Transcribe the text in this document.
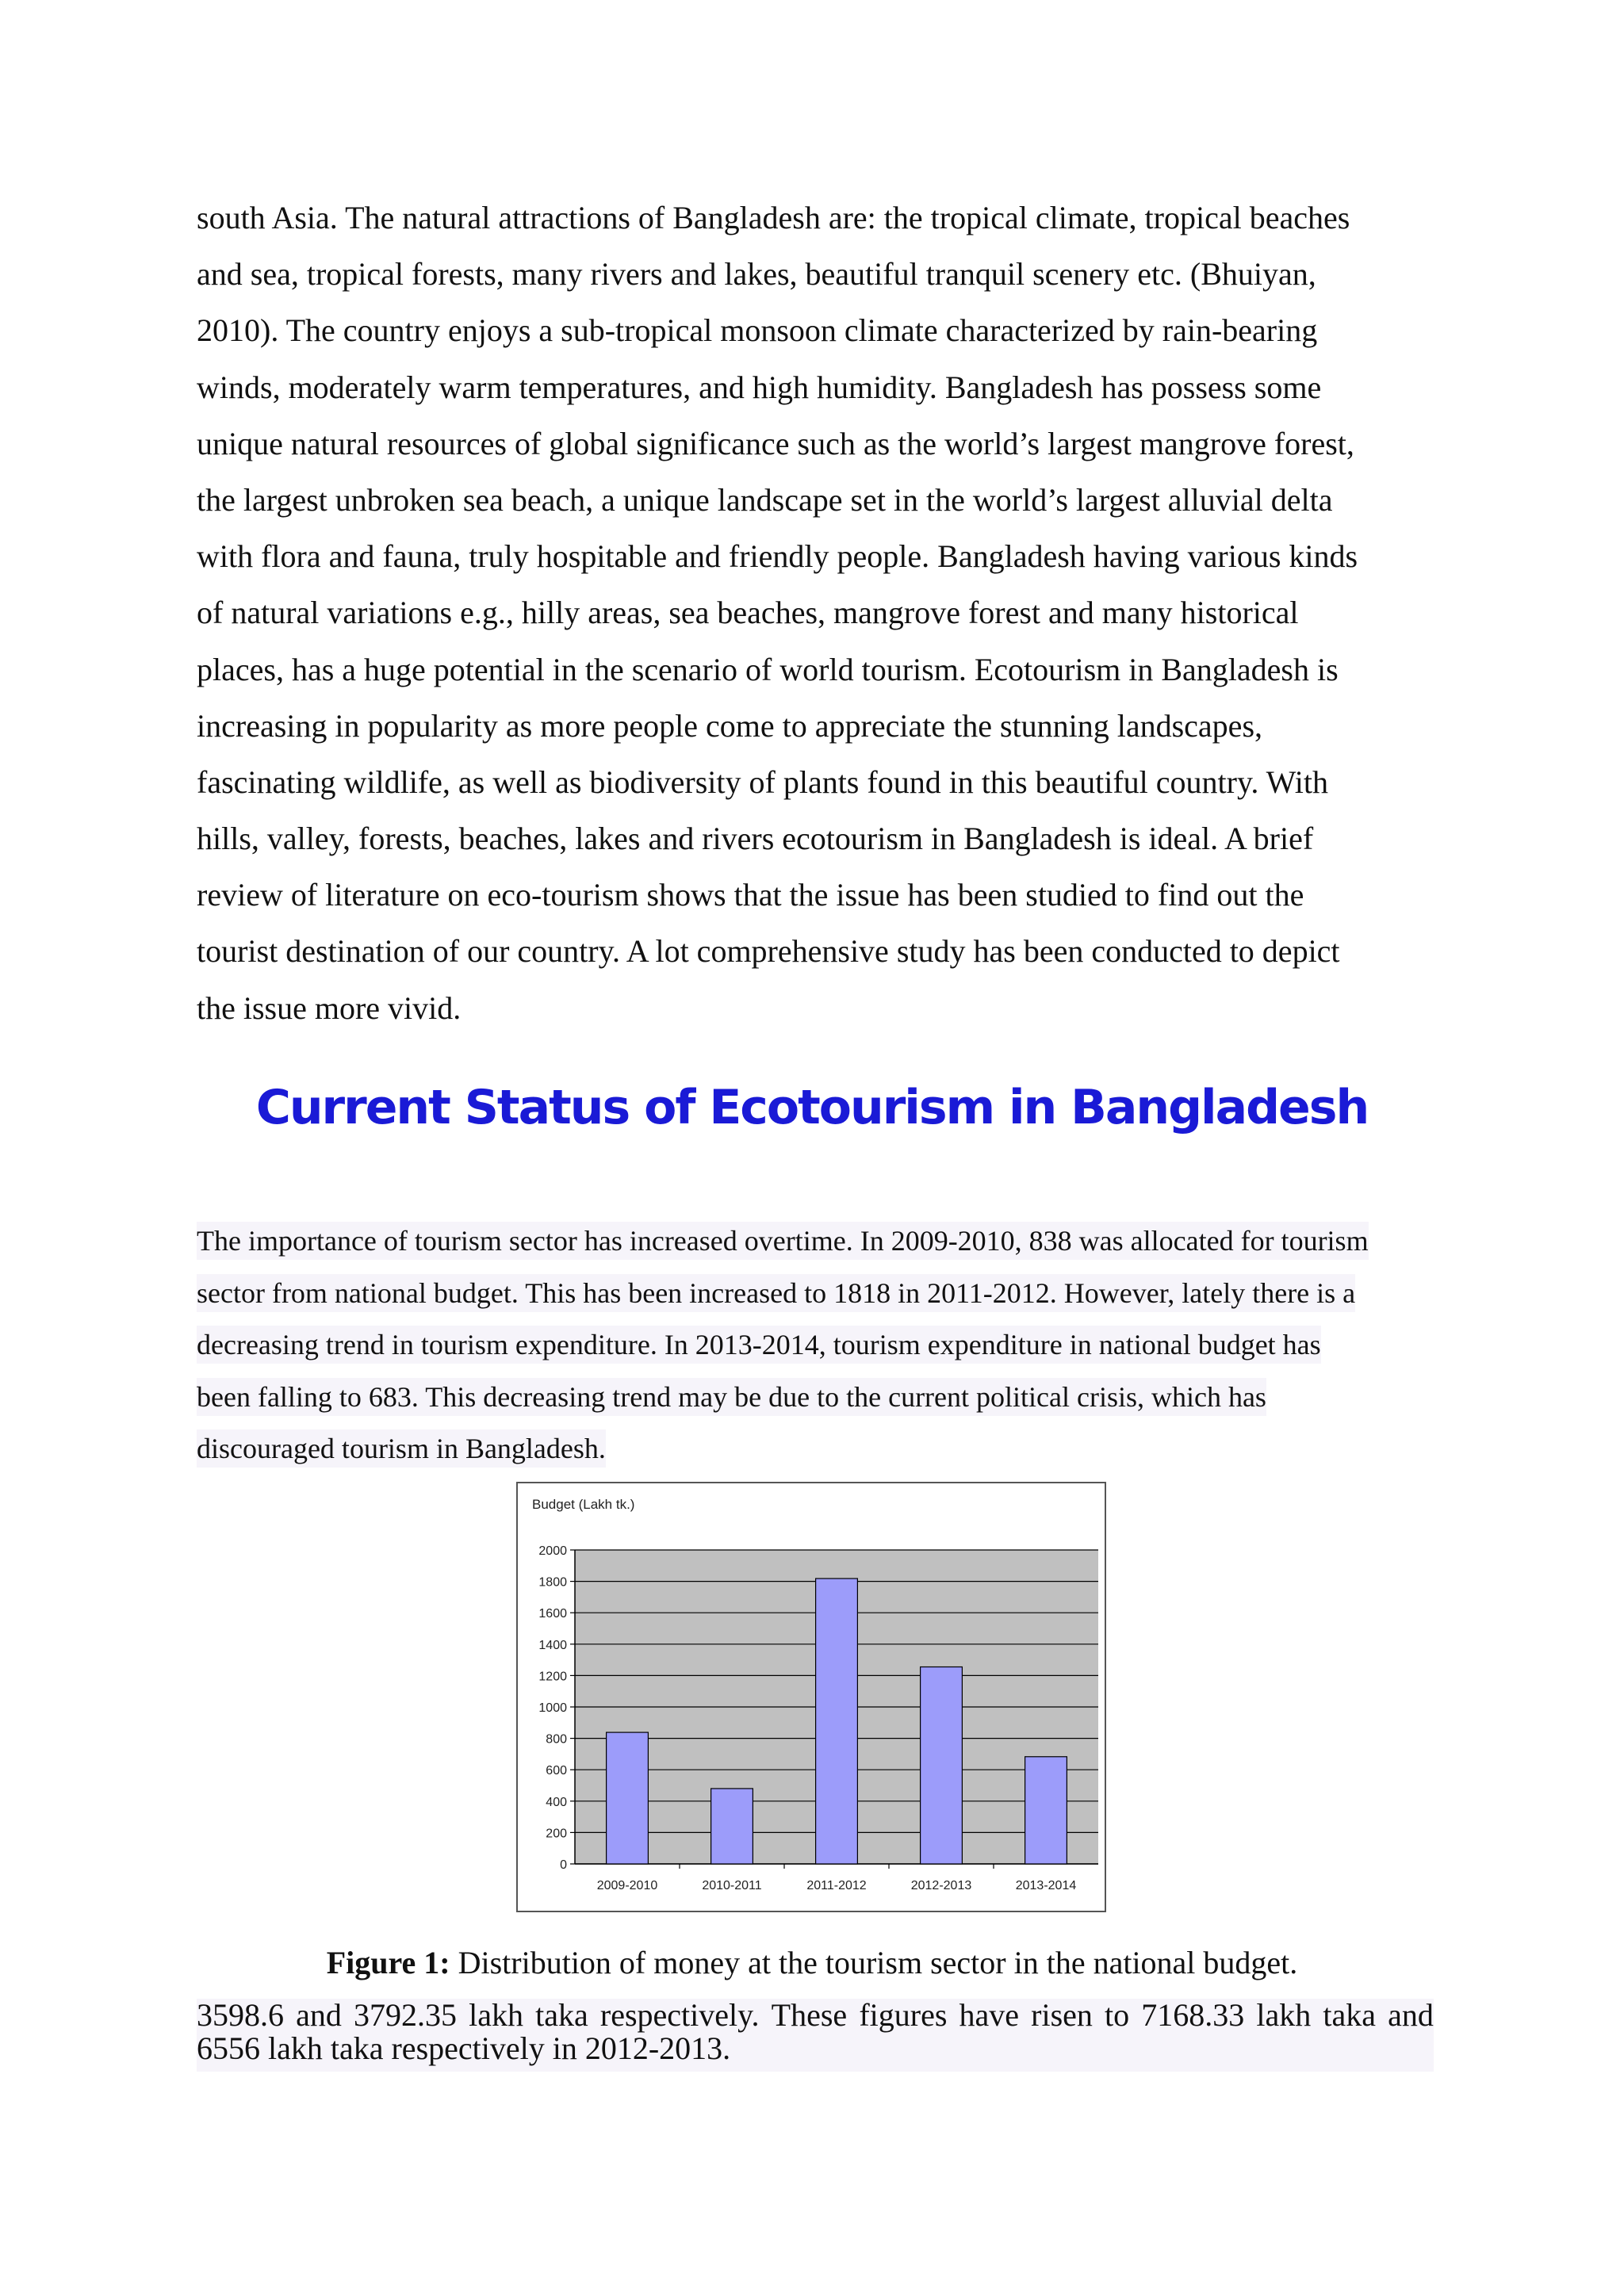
south Asia. The natural attractions of Bangladesh are: the tropical climate, tropical beaches
and sea, tropical forests, many rivers and lakes, beautiful tranquil scenery etc. (Bhuiyan,
2010). The country enjoys a sub-tropical monsoon climate characterized by rain-bearing
winds, moderately warm temperatures, and high humidity. Bangladesh has possess some
unique natural resources of global significance such as the world’s largest mangrove forest,
the largest unbroken sea beach, a unique landscape set in the world’s largest alluvial delta
with flora and fauna, truly hospitable and friendly people. Bangladesh having various kinds
of natural variations e.g., hilly areas, sea beaches, mangrove forest and many historical
places, has a huge potential in the scenario of world tourism. Ecotourism in Bangladesh is
increasing in popularity as more people come to appreciate the stunning landscapes,
fascinating wildlife, as well as biodiversity of plants found in this beautiful country. With
hills, valley, forests, beaches, lakes and rivers ecotourism in Bangladesh is ideal. A brief
review of literature on eco-tourism shows that the issue has been studied to find out the
tourist destination of our country. A lot comprehensive study has been conducted to depict
the issue more vivid.
Current Status of Ecotourism in Bangladesh
The importance of tourism sector has increased overtime. In 2009-2010, 838 was allocated for tourism
sector from national budget. This has been increased to 1818 in 2011-2012. However, lately there is a
decreasing trend in tourism expenditure. In 2013-2014, tourism expenditure in national budget has
been falling to 683. This decreasing trend may be due to the current political crisis, which has
discouraged tourism in Bangladesh.
Budget (Lakh tk.)
0
200
400
600
800
1000
1200
1400
1600
1800
2000
2009-2010	2010-2011	2011-2012	2012-2013	2013-2014
Figure 1: Distribution of money at the tourism sector in the national budget.
3598.6 and 3792.35 lakh taka respectively. These figures have risen to 7168.33 lakh taka and
6556 lakh taka respectively in 2012-2013.
